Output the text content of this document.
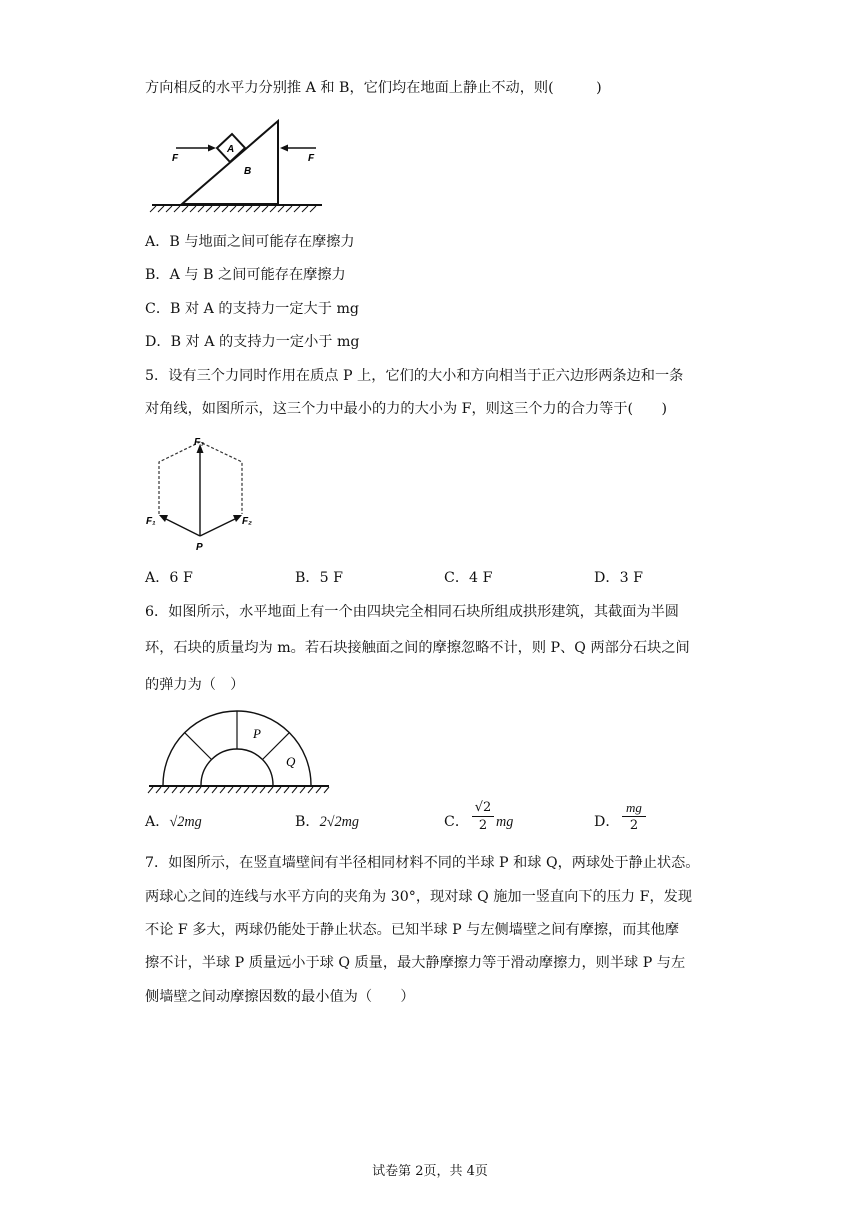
方向相反的水平力分别推 A 和 B，它们均在地面上静止不动，则(　　　)
F	F
A
B
A．B 与地面之间可能存在摩擦力
B．A 与 B 之间可能存在摩擦力
C．B 对 A 的支持力一定大于 mg
D．B 对 A 的支持力一定小于 mg
5．设有三个力同时作用在质点 P 上，它们的大小和方向相当于正六边形两条边和一条
对角线，如图所示，这三个力中最小的力的大小为 F，则这三个力的合力等于(　　)
F₃
F₁	F₂
P
A．6 F	B．5 F	C．4 F	D．3 F
6．如图所示，水平地面上有一个由四块完全相同石块所组成拱形建筑，其截面为半圆
环，石块的质量均为 m。若石块接触面之间的摩擦忽略不计，则 P、Q 两部分石块之间
的弹力为（　）
P
Q
A．√2mg	B．2√2mg	C． $\frac{√2}{2}$ mg	D． $\frac{mg}{2}$
7．如图所示，在竖直墙壁间有半径相同材料不同的半球 P 和球 Q，两球处于静止状态。
两球心之间的连线与水平方向的夹角为 30°，现对球 Q 施加一竖直向下的压力 F，发现
不论 F 多大，两球仍能处于静止状态。已知半球 P 与左侧墙壁之间有摩擦，而其他摩
擦不计，半球 P 质量远小于球 Q 质量，最大静摩擦力等于滑动摩擦力，则半球 P 与左
侧墙壁之间动摩擦因数的最小值为（　　）
试卷第 2页，共 4页
